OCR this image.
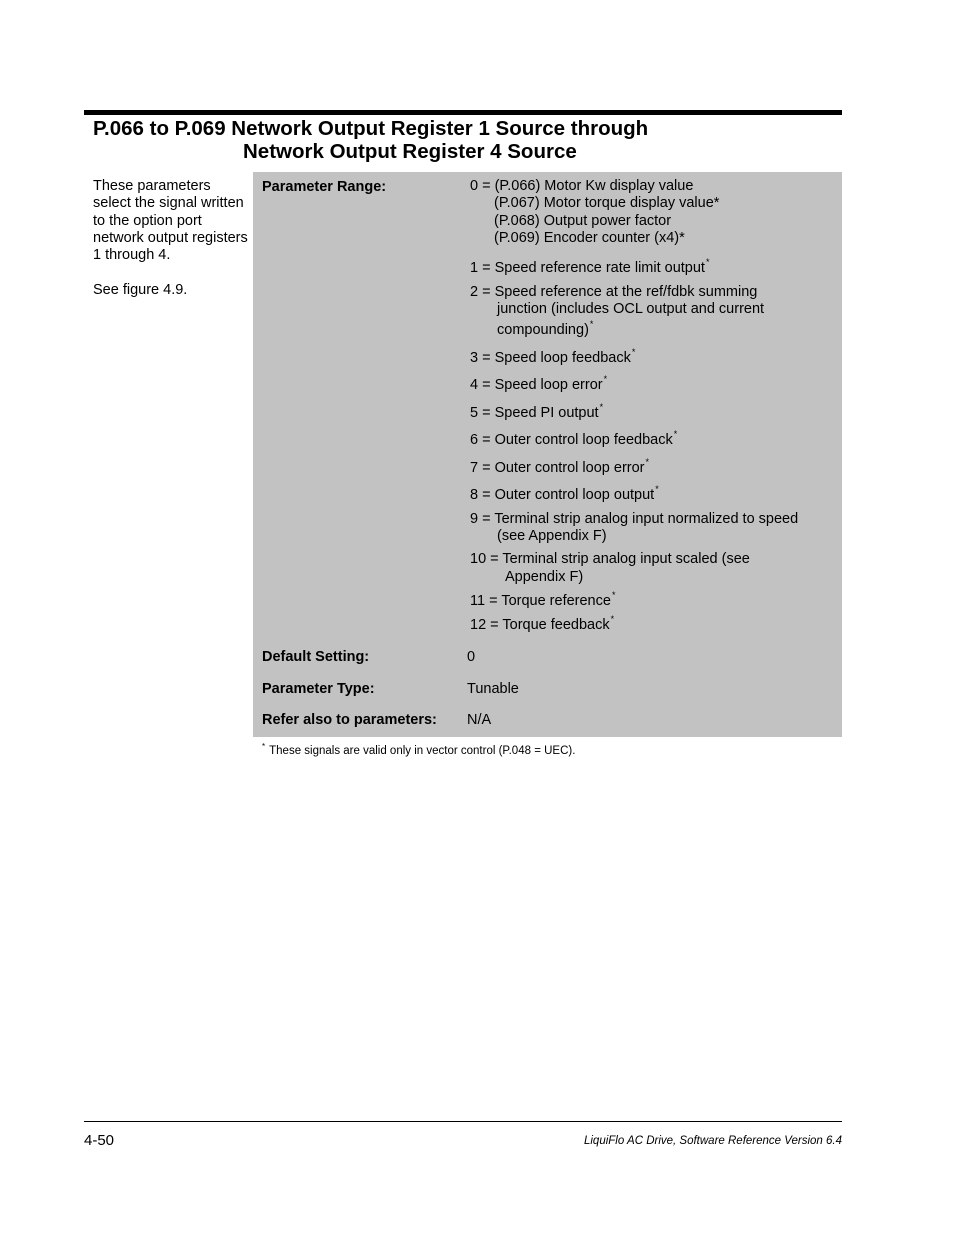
P.066 to P.069 Network Output Register 1 Source through
Network Output Register 4 Source

These parameters select the signal written to the option port network output registers 1 through 4.

See figure 4.9.

Parameter Range:	0 = (P.066) Motor Kw display value
(P.067) Motor torque display value*
(P.068) Output power factor
(P.069) Encoder counter (x4)*
1 = Speed reference rate limit output*
2 = Speed reference at the ref/fdbk summing
junction (includes OCL output and current
compounding)*
3 = Speed loop feedback*
4 = Speed loop error*
5 = Speed PI output*
6 = Outer control loop feedback*
7 = Outer control loop error*
8 = Outer control loop output*
9 = Terminal strip analog input normalized to speed
(see Appendix F)
10 = Terminal strip analog input scaled (see
Appendix F)
11 = Torque reference*
12 = Torque feedback*
Default Setting:	0
Parameter Type:	Tunable
Refer also to parameters: N/A
* These signals are valid only in vector control (P.048 = UEC).
4-50	LiquiFlo AC Drive, Software Reference Version 6.4
